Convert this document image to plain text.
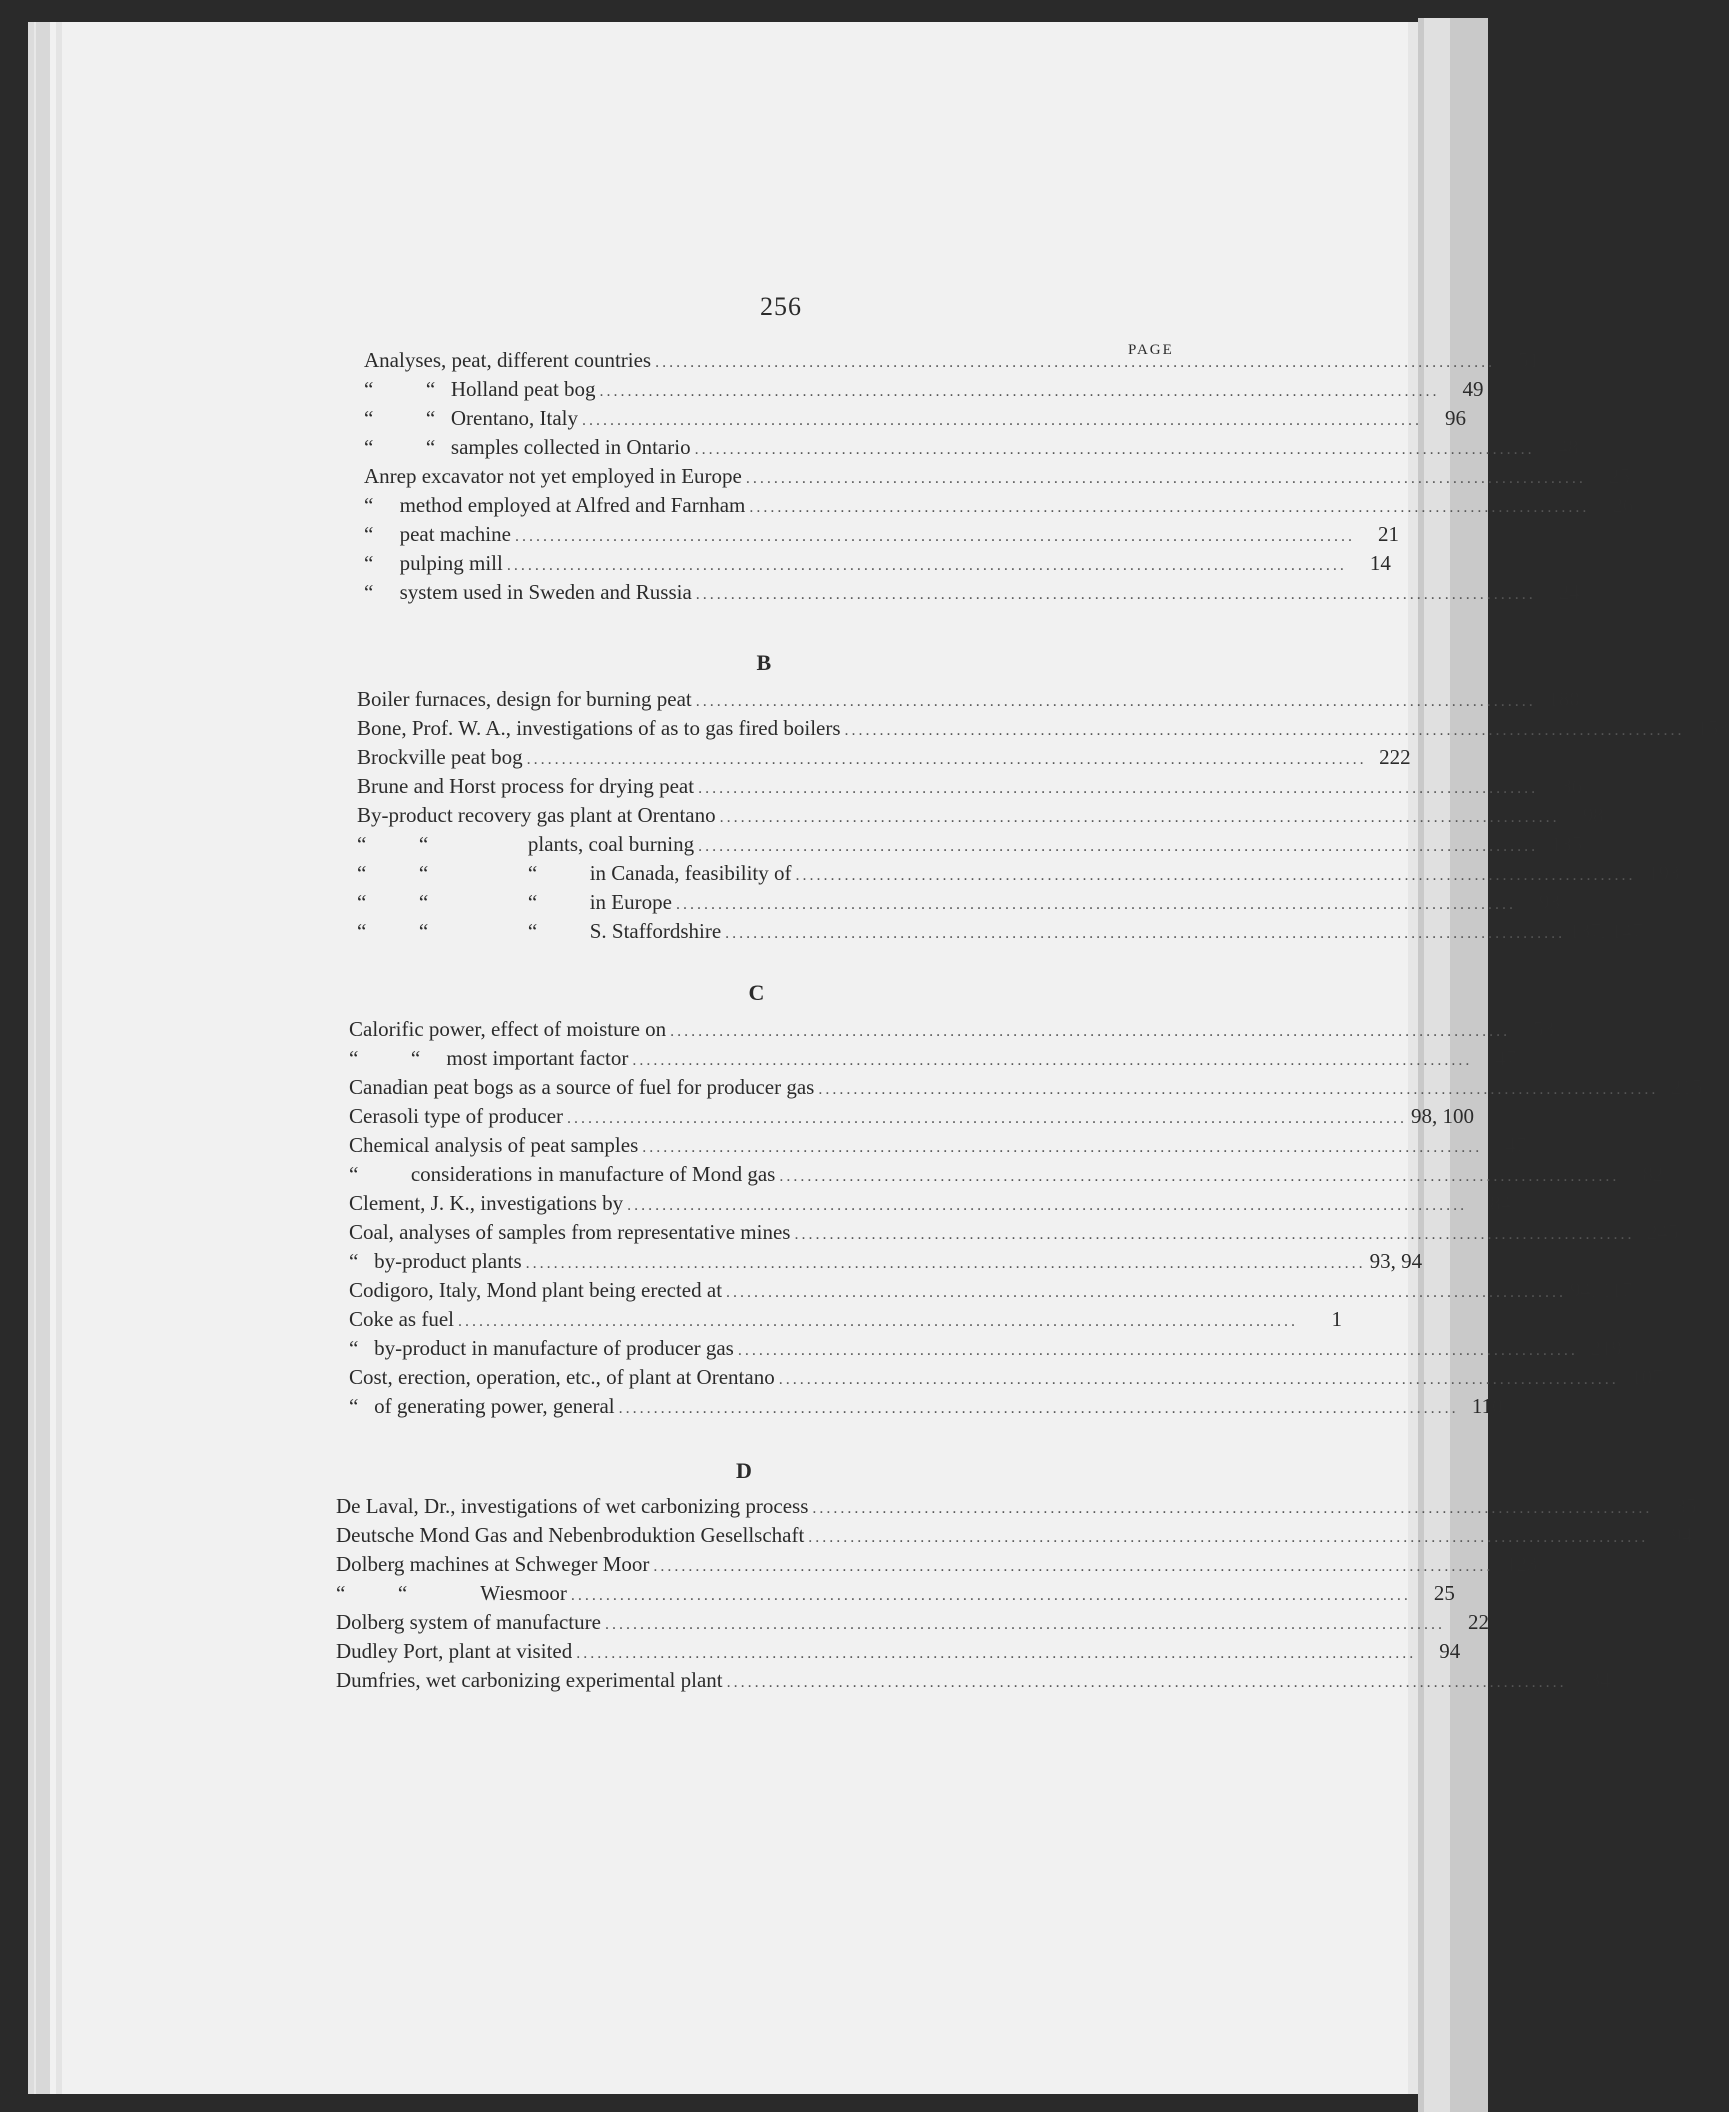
256
PAGE
Analyses, peat, different countries ........................................................................................................................	51
“          “   Holland peat bog ........................................................................................................................	49
“          “   Orentano, Italy ........................................................................................................................	96
“          “   samples collected in Ontario ........................................................................................................................	48
Anrep excavator not yet employed in Europe ........................................................................................................................	25
“     method employed at Alfred and Farnham ........................................................................................................................	26
“     peat machine ........................................................................................................................	21
“     pulping mill ........................................................................................................................	14
“     system used in Sweden and Russia ........................................................................................................................	24
B
Boiler furnaces, design for burning peat ........................................................................................................................ 180
Bone, Prof. W. A., investigations of as to gas fired boilers ........................................................................................................................ 153
Brockville peat bog ........................................................................................................................ 222
Brune and Horst process for drying peat ........................................................................................................................	36
By-product recovery gas plant at Orentano ........................................................................................................................	98
“          “                   plants, coal burning ........................................................................................................................ 135
“          “                   “          in Canada, feasibility of ........................................................................................................................ 193
“          “                   “          in Europe ........................................................................................................................	93
“          “                   “          S. Staffordshire ........................................................................................................................ 137, 147
C
Calorific power, effect of moisture on ........................................................................................................................	53
“          “     most important factor ........................................................................................................................	47
Canadian peat bogs as a source of fuel for producer gas ........................................................................................................................ 215
Cerasoli type of producer ........................................................................................................................ 98, 100
Chemical analysis of peat samples ........................................................................................................................	47
“          considerations in manufacture of Mond gas ........................................................................................................................	82
Clement, J. K., investigations by ........................................................................................................................	84
Coal, analyses of samples from representative mines ........................................................................................................................ 245
“   by-product plants ........................................................................................................................ 93, 94
Codigoro, Italy, Mond plant being erected at ........................................................................................................................ 94, 117
Coke as fuel ........................................................................................................................	1
“   by-product in manufacture of producer gas ........................................................................................................................ 219
Cost, erection, operation, etc., of plant at Orentano ........................................................................................................................ 107
“   of generating power, general ........................................................................................................................ 110
D
De Laval, Dr., investigations of wet carbonizing process ........................................................................................................................	35
Deutsche Mond Gas and Nebenbroduktion Gesellschaft ........................................................................................................................	94
Dolberg machines at Schweger Moor ........................................................................................................................ 123
“          “              Wiesmoor ........................................................................................................................	25
Dolberg system of manufacture ........................................................................................................................	22
Dudley Port, plant at visited ........................................................................................................................	94
Dumfries, wet carbonizing experimental plant ........................................................................................................................	34
